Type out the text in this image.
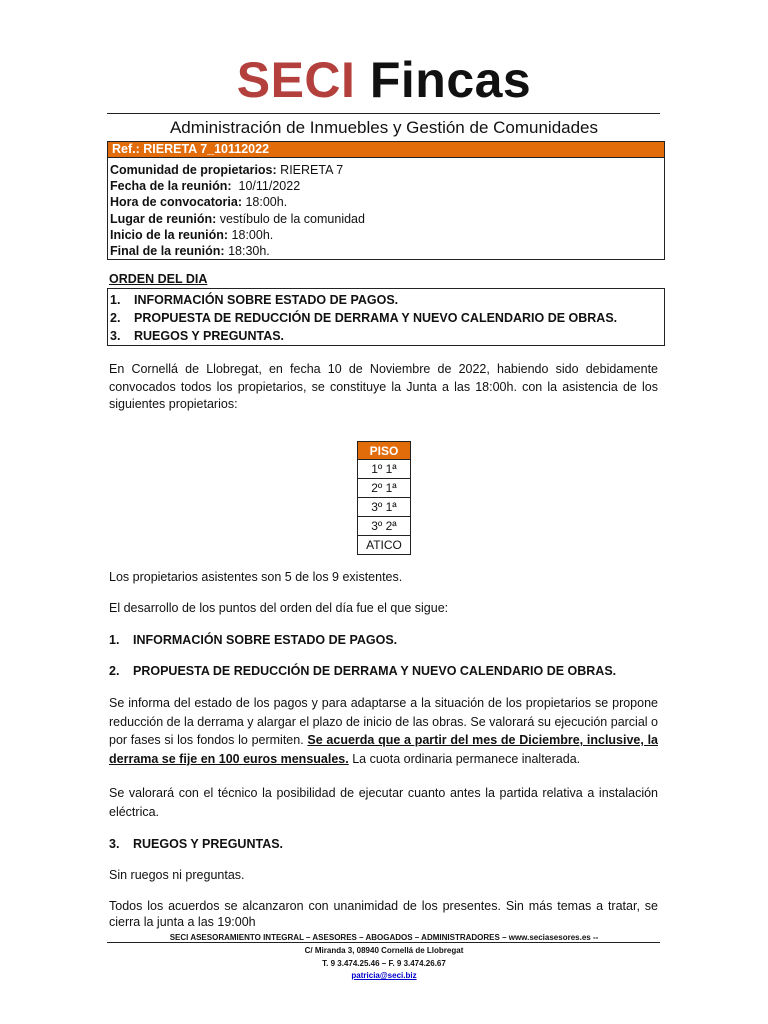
SECI Fincas
Administración de Inmuebles y Gestión de Comunidades
Ref.: RIERETA 7_10112022
Comunidad de propietarios: RIERETA 7
Fecha de la reunión:  10/11/2022
Hora de convocatoria: 18:00h.
Lugar de reunión: vestíbulo de la comunidad
Inicio de la reunión: 18:00h.
Final de la reunión: 18:30h.
ORDEN DEL DIA
1.	INFORMACIÓN SOBRE ESTADO DE PAGOS.
2.	PROPUESTA DE REDUCCIÓN DE DERRAMA Y NUEVO CALENDARIO DE OBRAS.
3.	RUEGOS Y PREGUNTAS.
En Cornellá de Llobregat, en fecha 10 de Noviembre de 2022, habiendo sido debidamente convocados todos los propietarios, se constituye la Junta a las 18:00h. con la asistencia de los siguientes propietarios:
PISO
1º 1ª
2º 1ª
3º 1ª
3º 2ª
ATICO
Los propietarios asistentes son 5 de los 9 existentes.
El desarrollo de los puntos del orden del día fue el que sigue:
1.	INFORMACIÓN SOBRE ESTADO DE PAGOS.
2.	PROPUESTA DE REDUCCIÓN DE DERRAMA Y NUEVO CALENDARIO DE OBRAS.
Se informa del estado de los pagos y para adaptarse a la situación de los propietarios se propone reducción de la derrama y alargar el plazo de inicio de las obras. Se valorará su ejecución parcial o por fases si los fondos lo permiten. Se acuerda que a partir del mes de Diciembre, inclusive, la derrama se fije en 100 euros mensuales. La cuota ordinaria permanece inalterada.
Se valorará con el técnico la posibilidad de ejecutar cuanto antes la partida relativa a instalación eléctrica.
3.	RUEGOS Y PREGUNTAS.
Sin ruegos ni preguntas.
Todos los acuerdos se alcanzaron con unanimidad de los presentes. Sin más temas a tratar, se cierra la junta a las 19:00h
SECI ASESORAMIENTO INTEGRAL – ASESORES – ABOGADOS – ADMINISTRADORES – www.seciasesores.es --
C/ Miranda 3, 08940 Cornellá de Llobregat
T. 9 3.474.25.46 – F. 9 3.474.26.67
patricia@seci.biz
